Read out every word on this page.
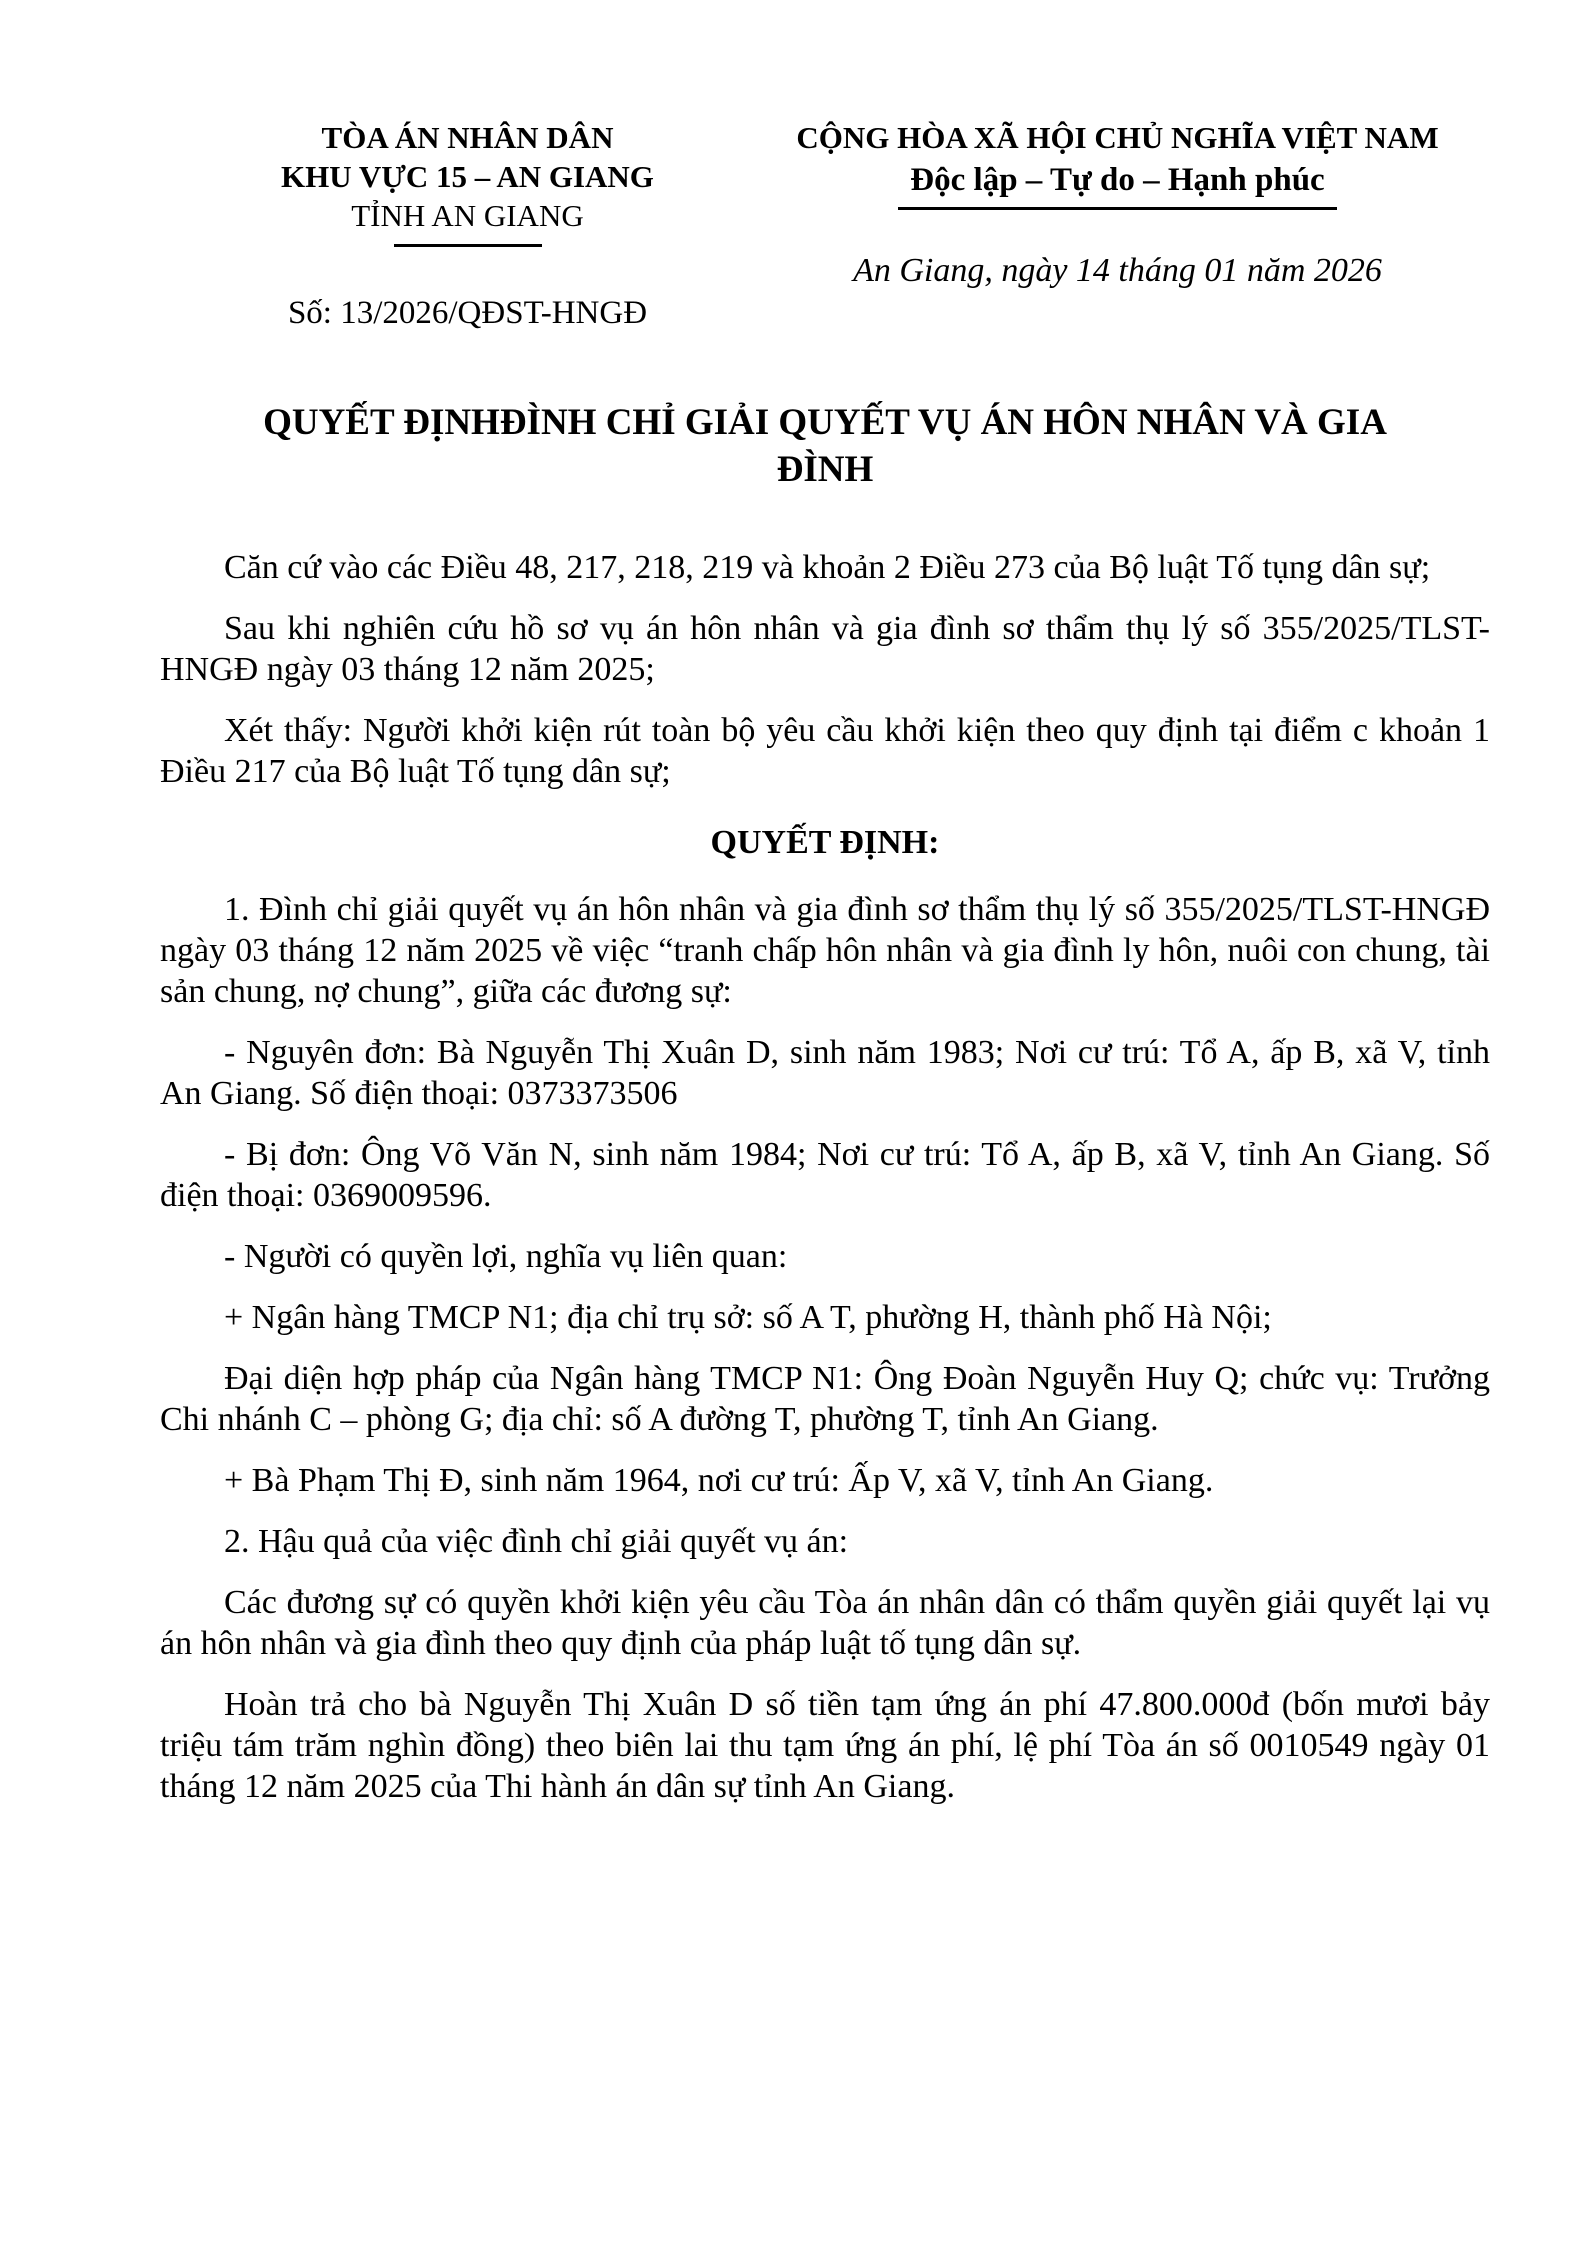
TÒA ÁN NHÂN DÂN
KHU VỰC 15 – AN GIANG
TỈNH AN GIANG
Số: 13/2026/QĐST-HNGĐ
CỘNG HÒA XÃ HỘI CHỦ NGHĨA VIỆT NAM
Độc lập – Tự do – Hạnh phúc
An Giang, ngày 14 tháng 01 năm 2026
QUYẾT ĐỊNHĐÌNH CHỈ GIẢI QUYẾT VỤ ÁN HÔN NHÂN VÀ GIA ĐÌNH

Căn cứ vào các Điều 48, 217, 218, 219 và khoản 2 Điều 273 của Bộ luật Tố tụng dân sự;

Sau khi nghiên cứu hồ sơ vụ án hôn nhân và gia đình sơ thẩm thụ lý số 355/2025/TLST-HNGĐ ngày 03 tháng 12 năm 2025;

Xét thấy: Người khởi kiện rút toàn bộ yêu cầu khởi kiện theo quy định tại điểm c khoản 1 Điều 217 của Bộ luật Tố tụng dân sự;

QUYẾT ĐỊNH:

1. Đình chỉ giải quyết vụ án hôn nhân và gia đình sơ thẩm thụ lý số 355/2025/TLST-HNGĐ ngày 03 tháng 12 năm 2025 về việc “tranh chấp hôn nhân và gia đình ly hôn, nuôi con chung, tài sản chung, nợ chung”, giữa các đương sự:

- Nguyên đơn: Bà Nguyễn Thị Xuân D, sinh năm 1983; Nơi cư trú: Tổ A, ấp B, xã V, tỉnh An Giang. Số điện thoại: 0373373506

- Bị đơn: Ông Võ Văn N, sinh năm 1984; Nơi cư trú: Tổ A, ấp B, xã V, tỉnh An Giang. Số điện thoại: 0369009596.

- Người có quyền lợi, nghĩa vụ liên quan:

+ Ngân hàng TMCP N1; địa chỉ trụ sở: số A T, phường H, thành phố Hà Nội;

Đại diện hợp pháp của Ngân hàng TMCP N1: Ông Đoàn Nguyễn Huy Q; chức vụ: Trưởng Chi nhánh C – phòng G; địa chỉ: số A đường T, phường T, tỉnh An Giang.

+ Bà Phạm Thị Đ, sinh năm 1964, nơi cư trú: Ấp V, xã V, tỉnh An Giang.

2. Hậu quả của việc đình chỉ giải quyết vụ án:

Các đương sự có quyền khởi kiện yêu cầu Tòa án nhân dân có thẩm quyền giải quyết lại vụ án hôn nhân và gia đình theo quy định của pháp luật tố tụng dân sự.

Hoàn trả cho bà Nguyễn Thị Xuân D số tiền tạm ứng án phí 47.800.000đ (bốn mươi bảy triệu tám trăm nghìn đồng) theo biên lai thu tạm ứng án phí, lệ phí Tòa án số 0010549 ngày 01 tháng 12 năm 2025 của Thi hành án dân sự tỉnh An Giang.
